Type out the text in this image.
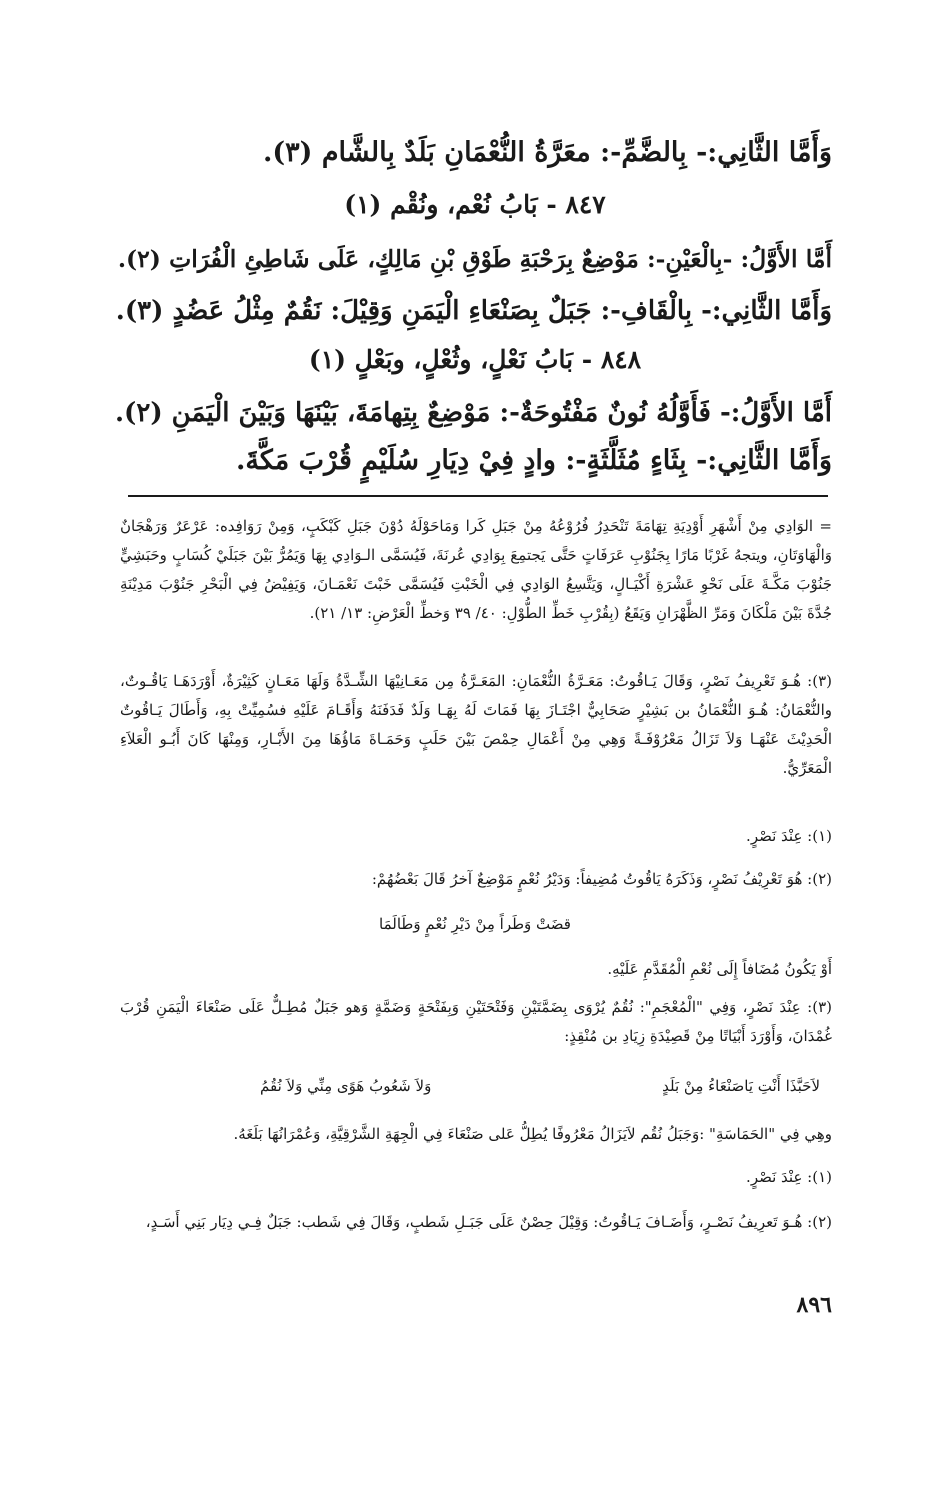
وَأَمَّا الثَّانِي:- بِالضَّمِّ-: معَرَّةُ النُّعْمَانِ بَلَدٌ بِالشَّام (٣).
٨٤٧ - بَابُ نُعْم، ونُقْم (١)
أَمَّا الأَوَّلُ: -بِالْعَيْنِ-: مَوْضِعٌ بِرَحْبَةِ طَوْقِ بْنِ مَالِكٍ، عَلَى شَاطِئِ الْفُرَاتِ (٢).
وَأَمَّا الثَّانِي:- بِالْقَافِ-: جَبَلٌ بِصَنْعَاءِ الْيَمَنِ وَقِيْلَ: نَقُمٌ مِثْلُ عَضُدٍ (٣).
٨٤٨ - بَابُ نَعْلٍ، وثُعْلٍ، وبَعْلٍ (١)
أَمَّا الأَوَّلُ:- فَأَوَّلُهُ نُونٌ مَفْتُوحَةٌ-: مَوْضِعٌ بِتِهامَةَ، بَيْنَهَا وَبَيْنَ الْيَمَنِ (٢).
وَأَمَّا الثَّانِي:- بِثَاءٍ مُثَلَّثَةٍ-: وادٍ فِيْ دِيَارِ سُلَيْمٍ قُرْبَ مَكَّةَ.
= الوَادِي مِنْ أَشْهَرِ أَوْدِيَةِ تِهَامَةَ تَنْحَدِرُ فُرُوْعُهُ مِنْ جَبَلِ كَرا وَمَاحَوْلَهُ دُوْنَ جَبَلِ كَبْكَبٍ، وَمِنْ رَوَافِده: عَرْعَرٌ وَرَهْجَانٌ وَالْهَاوَتَانِ، ويتجهُ غَرْبًا مَارًا بِجَنُوْبِ عَرَفَاتٍ حَتَّى يَجتمِعَ بِوَادِي عُرنَةَ، فَيُسَمَّى الـوَادِي بِهَا وَيَمُرُّ بَيْنَ جَبَلَيْ كُسَابٍ وحَبَشِيٍّ جَنُوْبَ مَكَّـةَ عَلَى نَحْوِ عَشْرَةِ أَكْيَـالٍ، وَيَتَّسِعُ الوَادِي فِي الْخَبْتِ فَيُسَمَّى خَبْتَ نَعْمَـانَ، وَيَفِيْضُ فِي الْبَحْرِ جَنُوْبَ مَدِيْنَةِ جُدَّةَ بَيْنَ مَلْكَانَ وَمَرِّ الظَّهْرَانِ وَيَقَعُ (بِقُرْبِ خَطِّ الطُّوْلِ: ٤٠/ ٣٩ وَخطِّ الْعَرْضِ: ١٣/ ٢١).
(٣): هُـوَ تَعْرِيفُ نَصْرٍ، وَقَالَ يَـاقُوتُ: مَعَـرَّةُ النُّعْمَانِ: المَعَـرَّةُ مِن مَعَـانِيْهَا الشِّـدَّةُ وَلَهَا مَعَـانٍ كَثِيْرَةٌ، أَوْرَدَهَـا يَاقُـوتٌ، والنُّعْمَانُ: هُـوَ النُّعْمَانُ بن بَشِيْرٍ صَحَابِيٌّ اجْتَـازَ بِهَا فَمَاتَ لَهُ بِهَـا وَلَدٌ فَدَفَنَهُ وَأَقَـامَ عَلَيْهِ فسُمِيِّتْ بِهِ، وَأَطَالَ يَـاقُوتٌ الْحَدِيْثَ عَنْهَـا وَلاَ تَزَالُ مَعْرُوْفَـةً وَهِي مِنْ أَعْمَالِ حِمْصَ بَيْنَ حَلَبٍ وَحَمَـاةَ مَاؤُهَا مِنَ الأَبْـارِ، وَمِنْهَا كَانَ أَبُـو الْعَلاَءِ الْمَعَرِّيُّ.
(١): عِنْدَ نَصْرٍ.
(٢): هُوَ تَعْرِيْفُ نَصْرٍ، وَذَكَرَهُ يَاقُوتُ مُضِيفاً: وَدَيْرُ نُعْمٍ مَوْضِعٌ آخرُ قَالَ بَعْضُهُمْ:
قضَتْ وَطَراً مِنْ دَيْرِ نُعْمٍ وَطَالَمَا
أَوْ يَكُونُ مُضَافاً إِلَى نُعْمِ الْمُقَدَّمِ عَلَيْهِ.
(٣): عِنْدَ نَصْرٍ، وَفِي "الْمُعْجَمِ": نُقُمٌ يُرْوَى بِضَمَّتَيْنِ وَفَتْحَتَيْنِ وَبِفَتْحَةٍ وَضَمَّةٍ وَهو جَبَلٌ مُطِـلٌّ عَلَى صَنْعَاءَ الْيَمَنِ قُرْبَ غُمْدَانَ، وَأَوْرَدَ أَبْيَاتًا مِنْ قَصِيْدَةِ زِيَادِ بن مُنْقِذٍ:
لاَحَبَّذَا أَنْتِ يَاصَنْعَاءُ مِنْ بَلَدٍ
وَلاَ شَعُوبُ هَوًى مِنِّي وَلاَ نُقُمُ
وهِي فِي "الحَمَاسَةِ" :وَجَبَلُ نُقُم لاَيَزَالُ مَعْرُوفًا يُطِلُّ عَلى صَنْعَاءَ فِي الْجِهَةِ الشَّرْقِيَّةِ، وَعُمْرَانُهَا بَلَغَهُ.
(١): عِنْدَ نَصْرٍ.
(٢): هُـوَ تَعرِيفُ نَصْـرٍ، وَأَضَـافَ يَـاقُوتُ: وَقِيْلَ حِصْنٌ عَلَى جَبَـلِ شَطبٍ، وَقَالَ فِي شَطب: جَبَلٌ فِـي دِيَار بَنِي أَسَـدٍ،
٨٩٦
